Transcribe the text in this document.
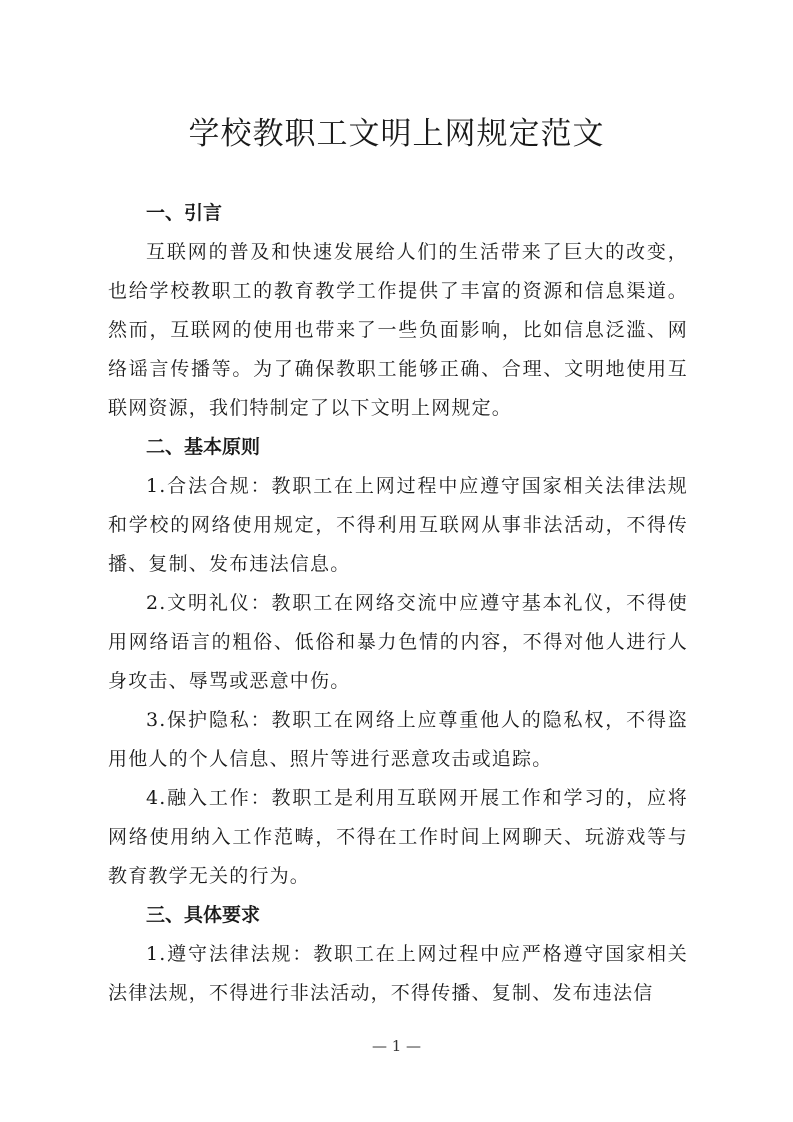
学校教职工文明上网规定范文
一、引言

互联网的普及和快速发展给人们的生活带来了巨大的改变，也给学校教职工的教育教学工作提供了丰富的资源和信息渠道。然而，互联网的使用也带来了一些负面影响，比如信息泛滥、网络谣言传播等。为了确保教职工能够正确、合理、文明地使用互联网资源，我们特制定了以下文明上网规定。

二、基本原则

1.合法合规：教职工在上网过程中应遵守国家相关法律法规和学校的网络使用规定，不得利用互联网从事非法活动，不得传播、复制、发布违法信息。

2.文明礼仪：教职工在网络交流中应遵守基本礼仪，不得使用网络语言的粗俗、低俗和暴力色情的内容，不得对他人进行人身攻击、辱骂或恶意中伤。

3.保护隐私：教职工在网络上应尊重他人的隐私权，不得盗用他人的个人信息、照片等进行恶意攻击或追踪。

4.融入工作：教职工是利用互联网开展工作和学习的，应将网络使用纳入工作范畴，不得在工作时间上网聊天、玩游戏等与教育教学无关的行为。

三、具体要求

1.遵守法律法规：教职工在上网过程中应严格遵守国家相关法律法规，不得进行非法活动，不得传播、复制、发布违法信

— 1 —
